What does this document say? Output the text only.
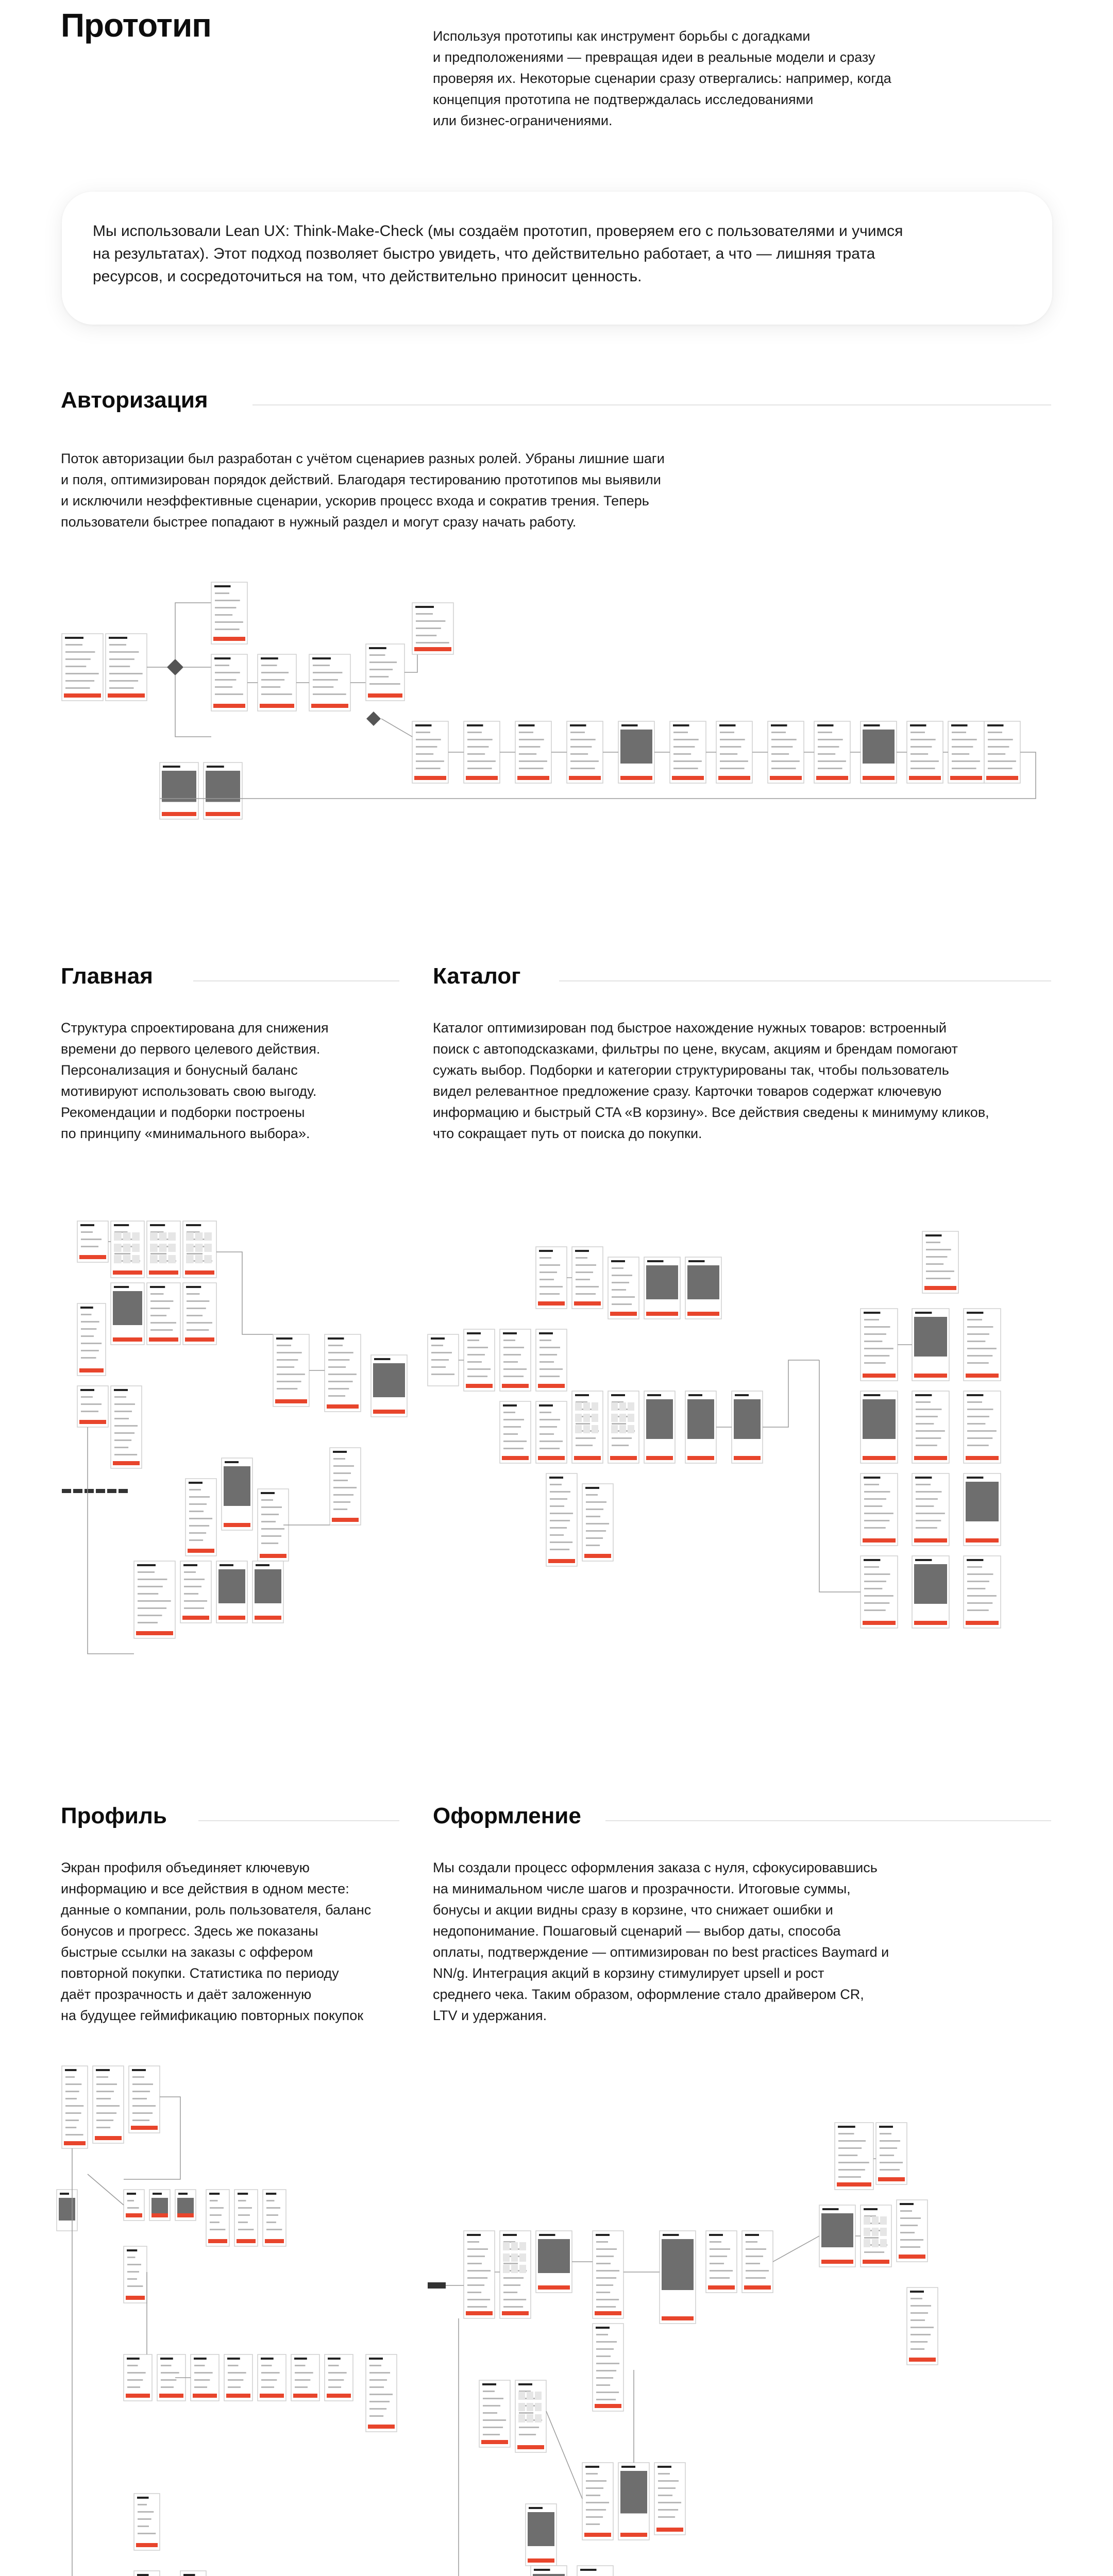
Прототип	Используя прототипы как инструмент борьбы с догадками
и предположениями — превращая идеи в реальные модели и сразу
проверяя их. Некоторые сценарии сразу отвергались: например, когда
концепция прототипа не подтверждалась исследованиями
или бизнес-ограничениями.
Мы использовали Lean UX: Think-Make-Check (мы создаём прототип, проверяем его с пользователями и учимся
на результатах). Этот подход позволяет быстро увидеть, что действительно работает, а что — лишняя трата
ресурсов, и сосредоточиться на том, что действительно приносит ценность.
Авторизация
Поток авторизации был разработан с учётом сценариев разных ролей. Убраны лишние шаги
и поля, оптимизирован порядок действий. Благодаря тестированию прототипов мы выявили
и исключили неэффективные сценарии, ускорив процесс входа и сократив трения. Теперь
пользователи быстрее попадают в нужный раздел и могут сразу начать работу.
Главная
Структура спроектирована для снижения
времени до первого целевого действия.
Персонализация и бонусный баланс
мотивируют использовать свою выгоду.
Рекомендации и подборки построены
по принципу «минимального выбора».
Каталог
Каталог оптимизирован под быстрое нахождение нужных товаров: встроенный
поиск с автоподсказками, фильтры по цене, вкусам, акциям и брендам помогают
сужать выбор. Подборки и категории структурированы так, чтобы пользователь
видел релевантное предложение сразу. Карточки товаров содержат ключевую
информацию и быстрый CTA «В корзину». Все действия сведены к минимуму кликов,
что сокращает путь от поиска до покупки.
Профиль
Экран профиля объединяет ключевую
информацию и все действия в одном месте:
данные о компании, роль пользователя, баланс
бонусов и прогресс. Здесь же показаны
быстрые ссылки на заказы с оффером
повторной покупки. Статистика по периоду
даёт прозрачность и даёт заложенную
на будущее геймификацию повторных покупок
Оформление
Мы создали процесс оформления заказа с нуля, сфокусировавшись
на минимальном числе шагов и прозрачности. Итоговые суммы,
бонусы и акции видны сразу в корзине, что снижает ошибки и
недопонимание. Пошаговый сценарий — выбор даты, способа
оплаты, подтверждение — оптимизирован по best practices Baymard и
NN/g. Интеграция акций в корзину стимулирует upsell и рост
среднего чека. Таким образом, оформление стало драйвером CR,
LTV и удержания.
